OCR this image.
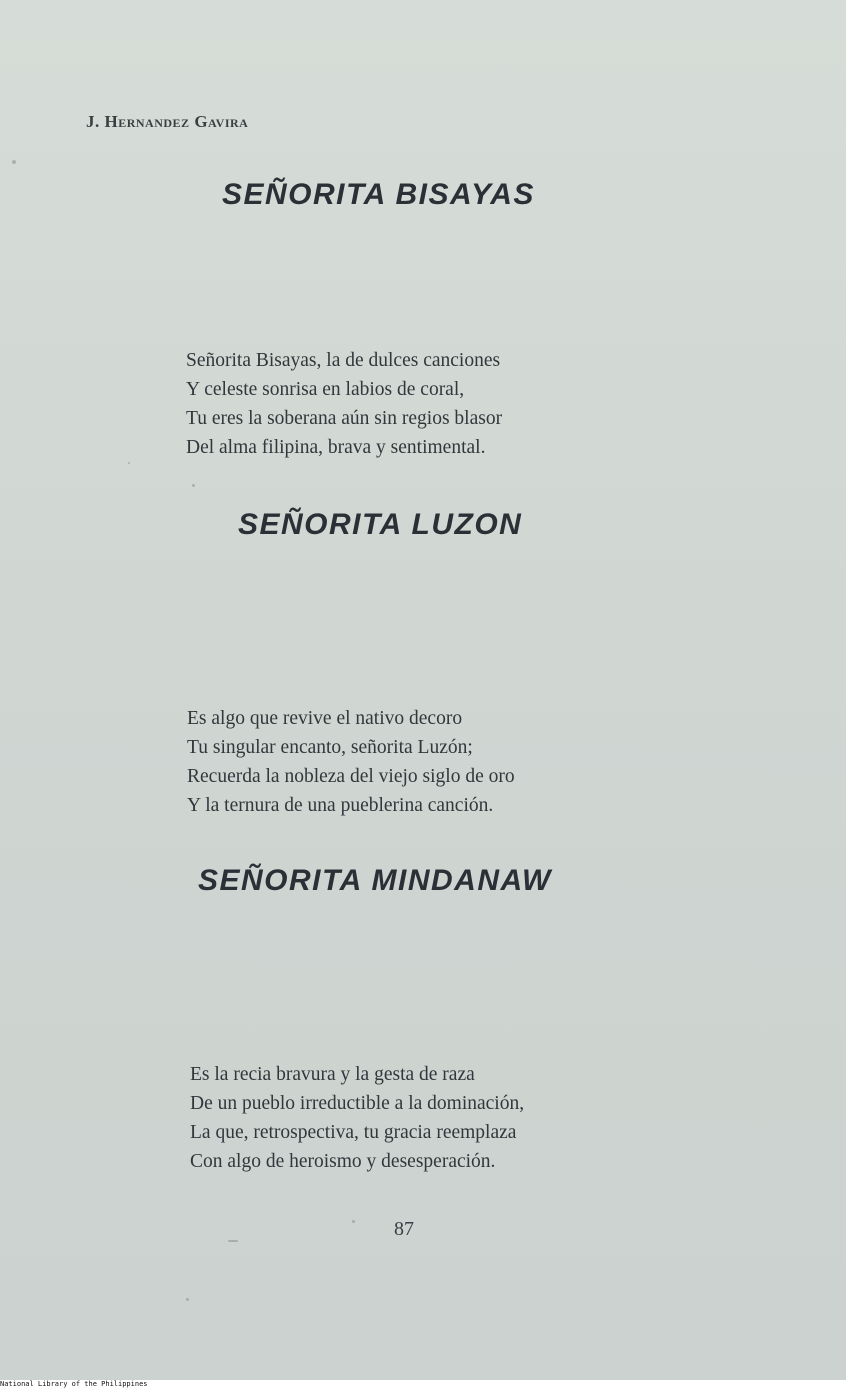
J. Hernandez Gavira
SEÑORITA BISAYAS
Señorita Bisayas, la de dulces canciones
Y celeste sonrisa en labios de coral,
Tu eres la soberana aún sin regios blasor
Del alma filipina, brava y sentimental.
SEÑORITA LUZON
Es algo que revive el nativo decoro
Tu singular encanto, señorita Luzón;
Recuerda la nobleza del viejo siglo de oro
Y la ternura de una pueblerina canción.
SEÑORITA MINDANAW
Es la recia bravura y la gesta de raza
De un pueblo irreductible a la dominación,
La que, retrospectiva, tu gracia reemplaza
Con algo de heroismo y desesperación.
87
National Library of the Philippines
